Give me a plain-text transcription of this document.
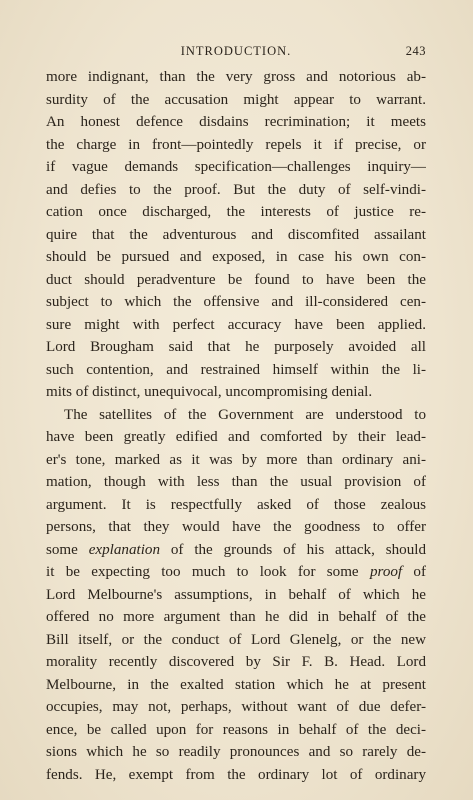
INTRODUCTION.	243
more indignant, than the very gross and notorious ab-
surdity of the accusation might appear to warrant.
An honest defence disdains recrimination; it meets
the charge in front—pointedly repels it if precise, or
if vague demands specification—challenges inquiry—
and defies to the proof. But the duty of self-vindi-
cation once discharged, the interests of justice re-
quire that the adventurous and discomfited assailant
should be pursued and exposed, in case his own con-
duct should peradventure be found to have been the
subject to which the offensive and ill-considered cen-
sure might with perfect accuracy have been applied.
Lord Brougham said that he purposely avoided all
such contention, and restrained himself within the li-
mits of distinct, unequivocal, uncompromising denial.
The satellites of the Government are understood to
have been greatly edified and comforted by their lead-
er's tone, marked as it was by more than ordinary ani-
mation, though with less than the usual provision of
argument. It is respectfully asked of those zealous
persons, that they would have the goodness to offer
some explanation of the grounds of his attack, should
it be expecting too much to look for some proof of
Lord Melbourne's assumptions, in behalf of which he
offered no more argument than he did in behalf of the
Bill itself, or the conduct of Lord Glenelg, or the new
morality recently discovered by Sir F. B. Head. Lord
Melbourne, in the exalted station which he at present
occupies, may not, perhaps, without want of due defer-
ence, be called upon for reasons in behalf of the deci-
sions which he so readily pronounces and so rarely de-
fends. He, exempt from the ordinary lot of ordinary
